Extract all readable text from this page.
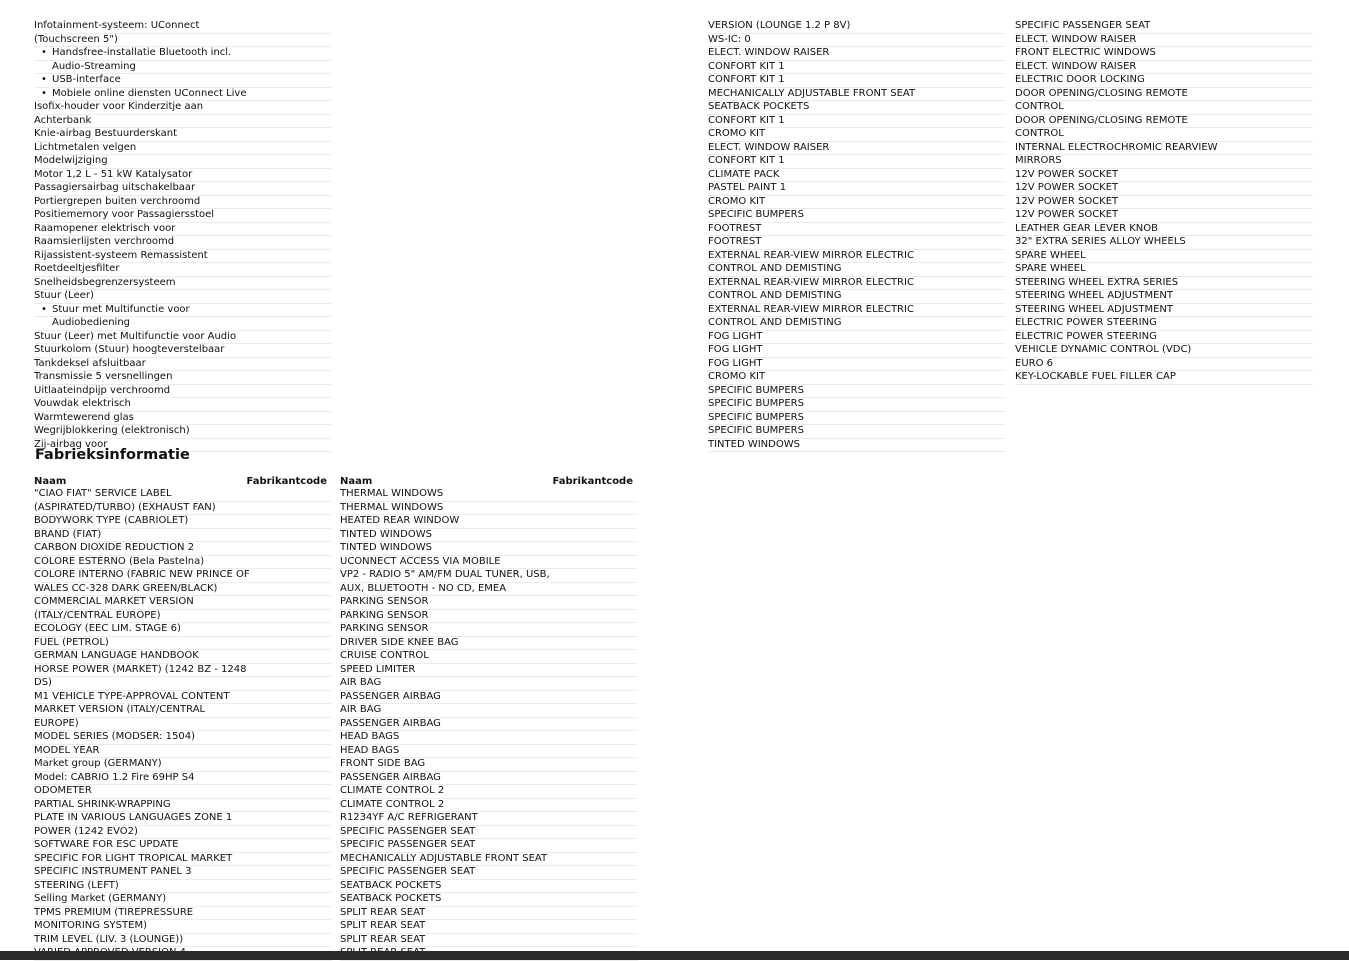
Infotainment-systeem: UConnect
(Touchscreen 5")
• Handsfree-installatie Bluetooth incl.
Audio-Streaming
• USB-interface
• Mobiele online diensten UConnect Live
Isofix-houder voor Kinderzitje aan
Achterbank
Knie-airbag Bestuurderskant
Lichtmetalen velgen
Modelwijziging
Motor 1,2 L - 51 kW Katalysator
Passagiersairbag uitschakelbaar
Portiergrepen buiten verchroomd
Positiememory voor Passagiersstoel
Raamopener elektrisch voor
Raamsierlijsten verchroomd
Rijassistent-systeem Remassistent
Roetdeeltjesfilter
Snelheidsbegrenzersysteem
Stuur (Leer)
• Stuur met Multifunctie voor
Audiobediening
Stuur (Leer) met Multifunctie voor Audio
Stuurkolom (Stuur) hoogteverstelbaar
Tankdeksel afsluitbaar
Transmissie 5 versnellingen
Uitlaateindpijp verchroomd
Vouwdak elektrisch
Warmtewerend glas
Wegrijblokkering (elektronisch)
Zij-airbag voor
VERSION (LOUNGE 1.2 P 8V)
WS-IC: 0
ELECT. WINDOW RAISER
CONFORT KIT 1
CONFORT KIT 1
MECHANICALLY ADJUSTABLE FRONT SEAT
SEATBACK POCKETS
CONFORT KIT 1
CROMO KIT
ELECT. WINDOW RAISER
CONFORT KIT 1
CLIMATE PACK
PASTEL PAINT 1
CROMO KIT
SPECIFIC BUMPERS
FOOTREST
FOOTREST
EXTERNAL REAR-VIEW MIRROR ELECTRIC
CONTROL AND DEMISTING
EXTERNAL REAR-VIEW MIRROR ELECTRIC
CONTROL AND DEMISTING
EXTERNAL REAR-VIEW MIRROR ELECTRIC
CONTROL AND DEMISTING
FOG LIGHT
FOG LIGHT
FOG LIGHT
CROMO KIT
SPECIFIC BUMPERS
SPECIFIC BUMPERS
SPECIFIC BUMPERS
SPECIFIC BUMPERS
TINTED WINDOWS
SPECIFIC PASSENGER SEAT
ELECT. WINDOW RAISER
FRONT ELECTRIC WINDOWS
ELECT. WINDOW RAISER
ELECTRIC DOOR LOCKING
DOOR OPENING/CLOSING REMOTE
CONTROL
DOOR OPENING/CLOSING REMOTE
CONTROL
INTERNAL ELECTROCHROMIC REARVIEW
MIRRORS
12V POWER SOCKET
12V POWER SOCKET
12V POWER SOCKET
12V POWER SOCKET
LEATHER GEAR LEVER KNOB
32" EXTRA SERIES ALLOY WHEELS
SPARE WHEEL
SPARE WHEEL
STEERING WHEEL EXTRA SERIES
STEERING WHEEL ADJUSTMENT
STEERING WHEEL ADJUSTMENT
ELECTRIC POWER STEERING
ELECTRIC POWER STEERING
VEHICLE DYNAMIC CONTROL (VDC)
EURO 6
KEY-LOCKABLE FUEL FILLER CAP
Fabrieksinformatie
Naam	Fabrikantcode Naam	Fabrikantcode
"CIAO FIAT" SERVICE LABEL
(ASPIRATED/TURBO) (EXHAUST FAN)
BODYWORK TYPE (CABRIOLET)
BRAND (FIAT)
CARBON DIOXIDE REDUCTION 2
COLORE ESTERNO (Bela Pastelna)
COLORE INTERNO (FABRIC NEW PRINCE OF
WALES CC-328 DARK GREEN/BLACK)
COMMERCIAL MARKET VERSION
(ITALY/CENTRAL EUROPE)
ECOLOGY (EEC LIM. STAGE 6)
FUEL (PETROL)
GERMAN LANGUAGE HANDBOOK
HORSE POWER (MARKET) (1242 BZ - 1248
DS)
M1 VEHICLE TYPE-APPROVAL CONTENT
MARKET VERSION (ITALY/CENTRAL
EUROPE)
MODEL SERIES (MODSER: 1504)
MODEL YEAR
Market group (GERMANY)
Model: CABRIO 1.2 Fire 69HP S4
ODOMETER
PARTIAL SHRINK-WRAPPING
PLATE IN VARIOUS LANGUAGES ZONE 1
POWER (1242 EVO2)
SOFTWARE FOR ESC UPDATE
SPECIFIC FOR LIGHT TROPICAL MARKET
SPECIFIC INSTRUMENT PANEL 3
STEERING (LEFT)
Selling Market (GERMANY)
TPMS PREMIUM (TIREPRESSURE
MONITORING SYSTEM)
TRIM LEVEL (LIV. 3 (LOUNGE))
THERMAL WINDOWS
THERMAL WINDOWS
HEATED REAR WINDOW
TINTED WINDOWS
TINTED WINDOWS
UCONNECT ACCESS VIA MOBILE
VP2 - RADIO 5" AM/FM DUAL TUNER, USB,
AUX, BLUETOOTH - NO CD, EMEA
PARKING SENSOR
PARKING SENSOR
PARKING SENSOR
DRIVER SIDE KNEE BAG
CRUISE CONTROL
SPEED LIMITER
AIR BAG
PASSENGER AIRBAG
AIR BAG
PASSENGER AIRBAG
HEAD BAGS
HEAD BAGS
FRONT SIDE BAG
PASSENGER AIRBAG
CLIMATE CONTROL 2
CLIMATE CONTROL 2
R1234YF A/C REFRIGERANT
SPECIFIC PASSENGER SEAT
SPECIFIC PASSENGER SEAT
MECHANICALLY ADJUSTABLE FRONT SEAT
SPECIFIC PASSENGER SEAT
SEATBACK POCKETS
SEATBACK POCKETS
SPLIT REAR SEAT
SPLIT REAR SEAT
SPLIT REAR SEAT
